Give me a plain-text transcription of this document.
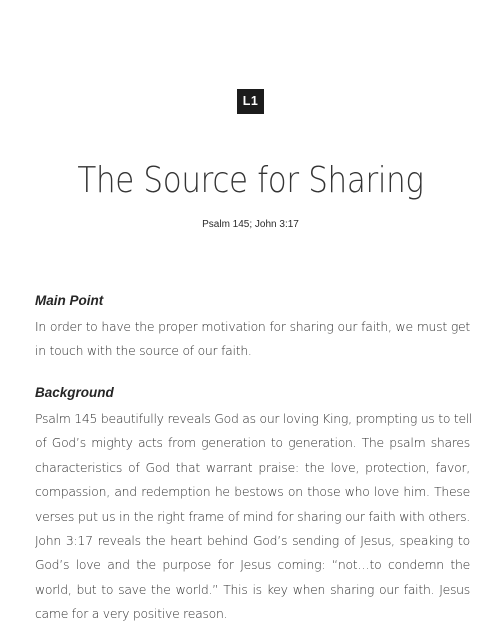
L1
The Source for Sharing
Psalm 145; John 3:17
Main Point
In order to have the proper motivation for sharing our faith, we must get
in touch with the source of our faith.
Background
Psalm 145 beautifully reveals God as our loving King, prompting us to tell
of God’s mighty acts from generation to generation. The psalm shares
characteristics of God that warrant praise: the love, protection, favor,
compassion, and redemption he bestows on those who love him. These
verses put us in the right frame of mind for sharing our faith with others.
John 3:17 reveals the heart behind God’s sending of Jesus, speaking to
God’s love and the purpose for Jesus coming: “not…to condemn the
world, but to save the world.” This is key when sharing our faith. Jesus
came for a very positive reason.
